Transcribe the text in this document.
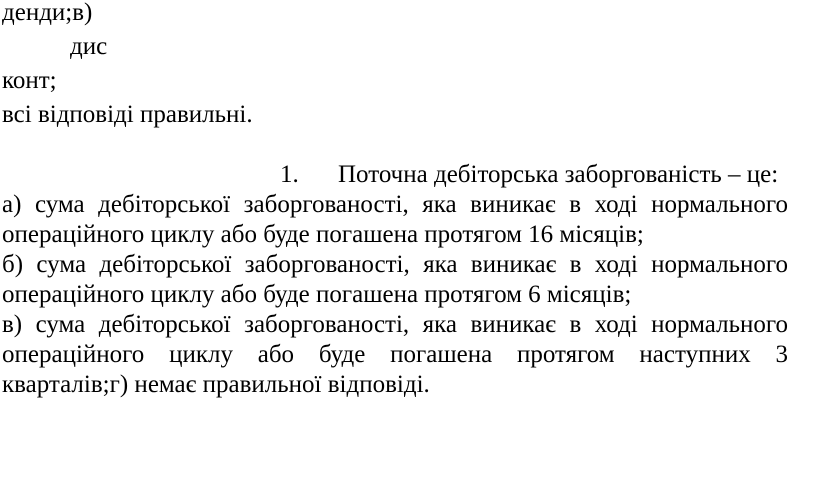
денди;в)
дис
конт;
всі відповіді правильні.
1. Поточна дебіторська заборгованість – це:

а) сума дебіторської заборгованості, яка виникає в ході нормального операційного циклу або буде погашена протягом 16 місяців;

б) сума дебіторської заборгованості, яка виникає в ході нормального операційного циклу або буде погашена протягом 6 місяців;

в) сума дебіторської заборгованості, яка виникає в ході нормального операційного циклу або буде погашена протягом наступних 3 кварталів;г) немає правильної відповіді.
